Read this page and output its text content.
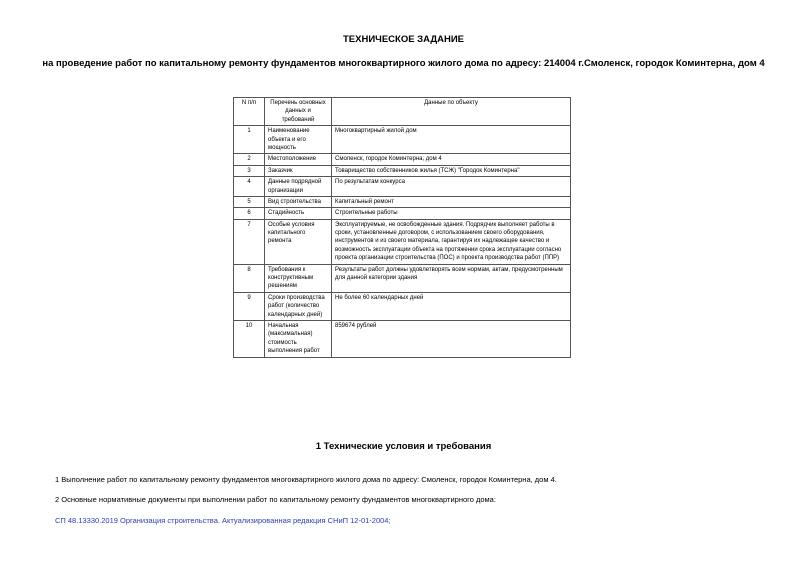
ТЕХНИЧЕСКОЕ ЗАДАНИЕ
на проведение работ по капитальному ремонту фундаментов многоквартирного жилого дома по адресу: 214004 г.Смоленск, городок Коминтерна, дом 4
N п/п	Перечень основных данных и требований	Данные по объекту
1	Наименование объекта и его мощность	Многоквартирный жилой дом
2	Местоположение	Смоленск, городок Коминтерна, дом 4
3	Заказчик	Товарищество собственников жилья (ТСЖ) "Городок Коминтерна"
4	Данные подрядной организации	По результатам конкурса
5	Вид строительства	Капитальный ремонт
6	Стадийность	Строительные работы
7	Особые условия капитального ремонта	Эксплуатируемые, не освобожденные здания. Подрядчик выполняет работы в сроки, установленные договором, с использованием своего оборудования, инструментов и из своего материала, гарантируя их надлежащее качество и возможность эксплуатации объекта на протяжении срока эксплуатации согласно проекта организации строительства (ПОС) и проекта производства работ (ППР)
8	Требования к конструктивным решениям	Результаты работ должны удовлетворять всем нормам, актам, предусмотренным для данной категории здания
9	Сроки производства работ (количество календарных дней)	Не более 60 календарных дней
10	Начальная (максимальная) стоимость выполнения работ	859674 рублей
1 Технические условия и требования
1 Выполнение работ по капитальному ремонту фундаментов многоквартирного жилого дома по адресу: Смоленск, городок Коминтерна, дом 4.
2 Основные нормативные документы при выполнении работ по капитальному ремонту фундаментов многоквартирного дома:
СП 48.13330.2019 Организация строительства. Актуализированная редакция СНиП 12-01-2004;
